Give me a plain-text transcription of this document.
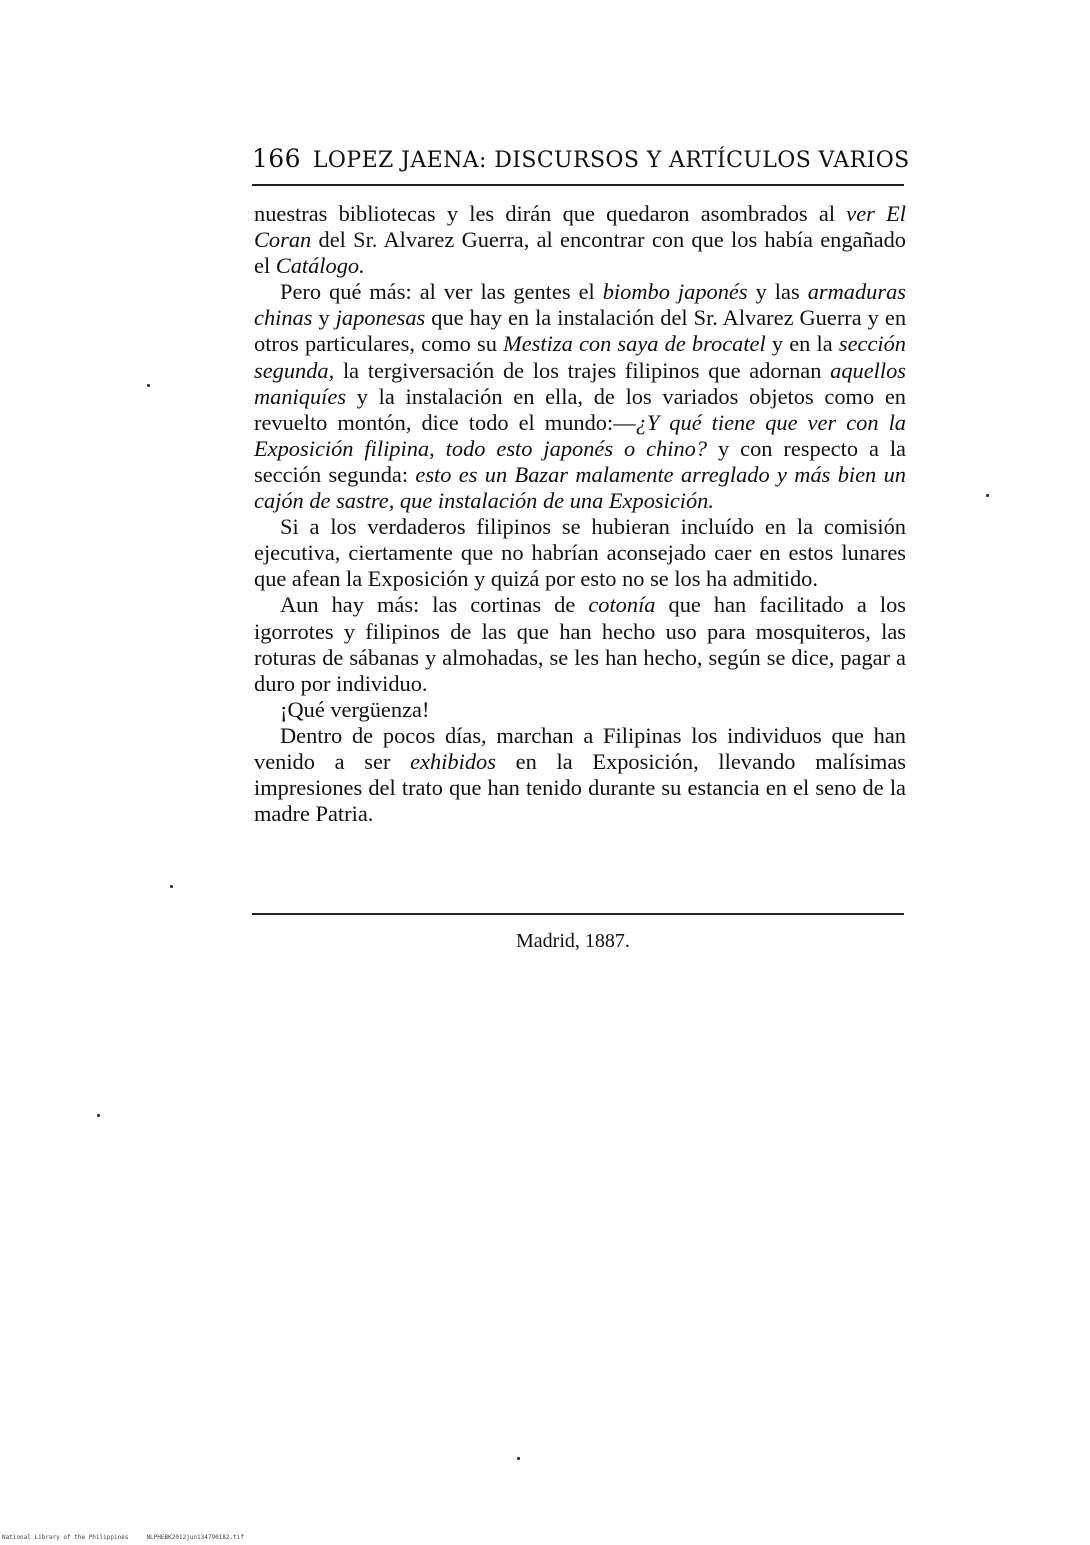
166 LOPEZ JAENA: DISCURSOS Y ARTÍCULOS VARIOS

nuestras bibliotecas y les dirán que quedaron asombrados al ver El Coran del Sr. Alvarez Guerra, al encontrar con que los había engañado el Catálogo.

Pero qué más: al ver las gentes el biombo japonés y las armaduras chinas y japonesas que hay en la instalación del Sr. Alvarez Guerra y en otros particulares, como su Mestiza con saya de brocatel y en la sección segunda, la tergiversación de los trajes filipinos que adornan aquellos maniquíes y la instalación en ella, de los variados objetos como en revuelto montón, dice todo el mundo:—¿Y qué tiene que ver con la Exposición filipina, todo esto japonés o chino? y con respecto a la sección segunda: esto es un Bazar malamente arreglado y más bien un cajón de sastre, que instalación de una Exposición.

Si a los verdaderos filipinos se hubieran incluído en la comisión ejecutiva, ciertamente que no habrían aconsejado caer en estos lunares que afean la Exposición y quizá por esto no se los ha admitido.

Aun hay más: las cortinas de cotonía que han facilitado a los igorrotes y filipinos de las que han hecho uso para mosquiteros, las roturas de sábanas y almohadas, se les han hecho, según se dice, pagar a duro por individuo.

¡Qué vergüenza!

Dentro de pocos días, marchan a Filipinas los individuos que han venido a ser exhibidos en la Exposición, llevando malísimas impresiones del trato que han tenido durante su estancia en el seno de la madre Patria.

Madrid, 1887.
National Library of the Philippines	NLPHEBK2012jun134790182.tif
